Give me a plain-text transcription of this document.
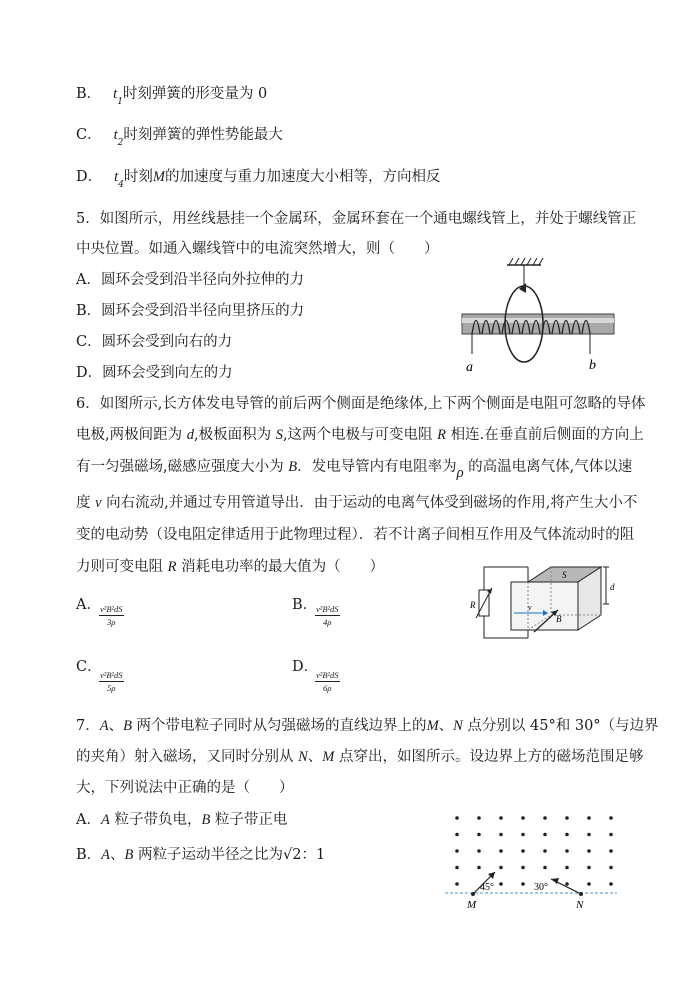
B． $t_1$时刻弹簧的形变量为 0
C． $t_2$时刻弹簧的弹性势能最大
D． $t_4$时刻M的加速度与重力加速度大小相等，方向相反
5．如图所示，用丝线悬挂一个金属环，金属环套在一个通电螺线管上，并处于螺线管正
中央位置。如通入螺线管中的电流突然增大，则（　　）
A．圆环会受到沿半径向外拉伸的力
B．圆环会受到沿半径向里挤压的力
C．圆环会受到向右的力
D．圆环会受到向左的力	a	b
6．如图所示,长方体发电导管的前后两个侧面是绝缘体,上下两个侧面是电阻可忽略的导体
电极,两极间距为 d,极板面积为 S,这两个电极与可变电阻 R 相连.在垂直前后侧面的方向上
有一匀强磁场,磁感应强度大小为 B．发电导管内有电阻率为ρ 的高温电离气体,气体以速
度 v 向右流动,并通过专用管道导出．由于运动的电离气体受到磁场的作用,将产生大小不
变的电动势（设电阻定律适用于此物理过程）．若不计离子间相互作用及气体流动时的阻
力则可变电阻 R 消耗电功率的最大值为（　　）
A．
$\frac{\text{v²B²dS}}{3\rho}$	B．
$\frac{\text{v²B²dS}}{4\rho}$
C．
$\frac{\text{v²B²dS}}{5\rho}$
D．
$\frac{\text{v²B²dS}}{6\rho}$
R
S
d
v
B
7．A、B 两个带电粒子同时从匀强磁场的直线边界上的M、N 点分别以 45°和 30°（与边界
的夹角）射入磁场，又同时分别从 N、M 点穿出，如图所示。设边界上方的磁场范围足够
大，下列说法中正确的是（　　）
A．A 粒子带负电，B 粒子带正电
B．A、B 两粒子运动半径之比为√2：1
45°	30°
M	N
